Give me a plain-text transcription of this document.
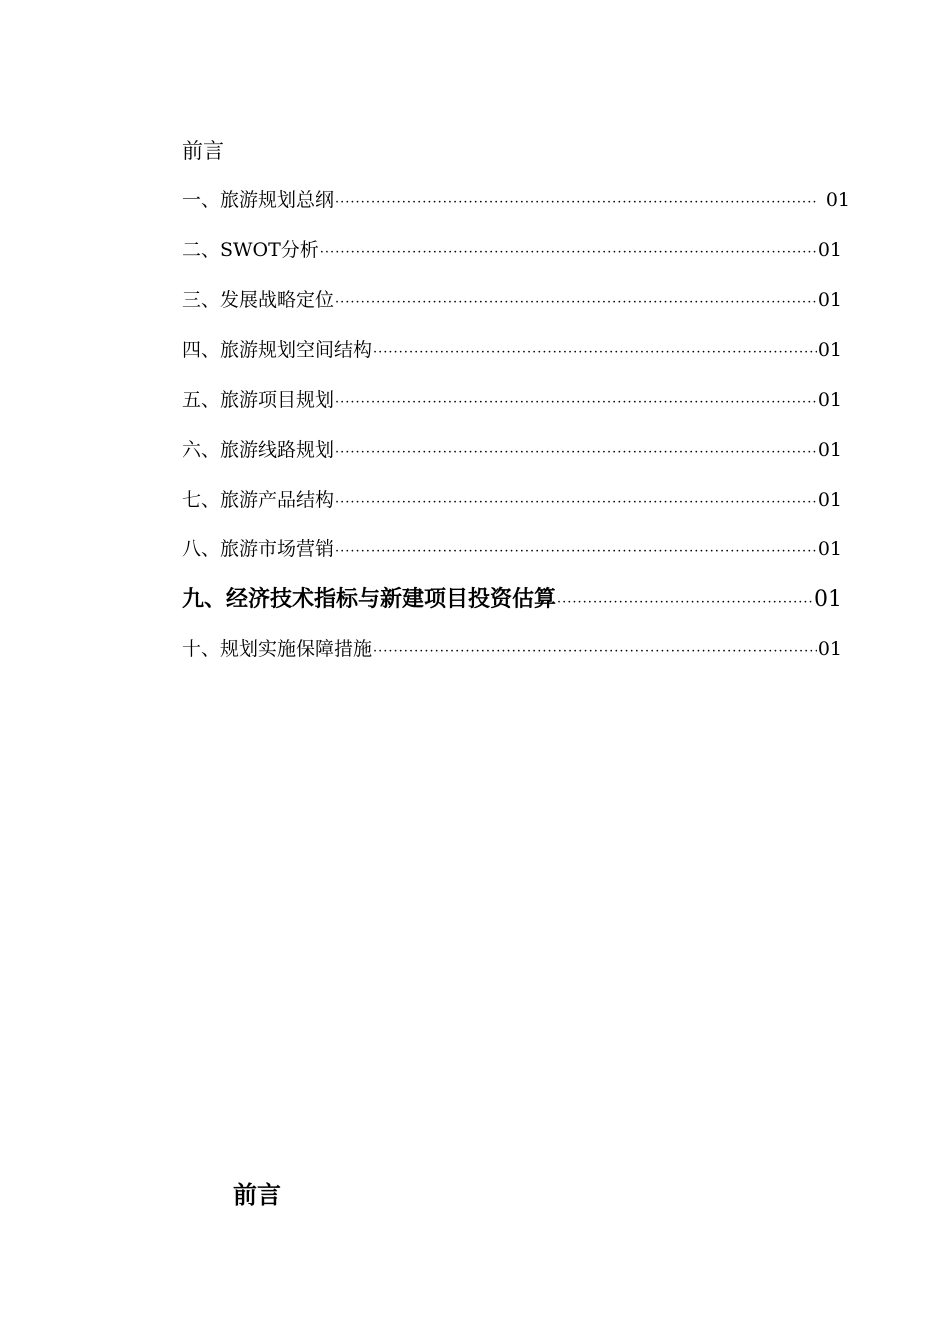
前言
一、旅游规划总纲 ·····	01
二、SWOT分析 ·····	01
三、发展战略定位 ·····	01
四、旅游规划空间结构 ·····	01
五、旅游项目规划 ·····	01
六、旅游线路规划 ·····	01
七、旅游产品结构 ·····	01
八、旅游市场营销 ·····	01
九、经济技术指标与新建项目投资估算 ·····	01
十、规划实施保障措施 ·····	01
前言
